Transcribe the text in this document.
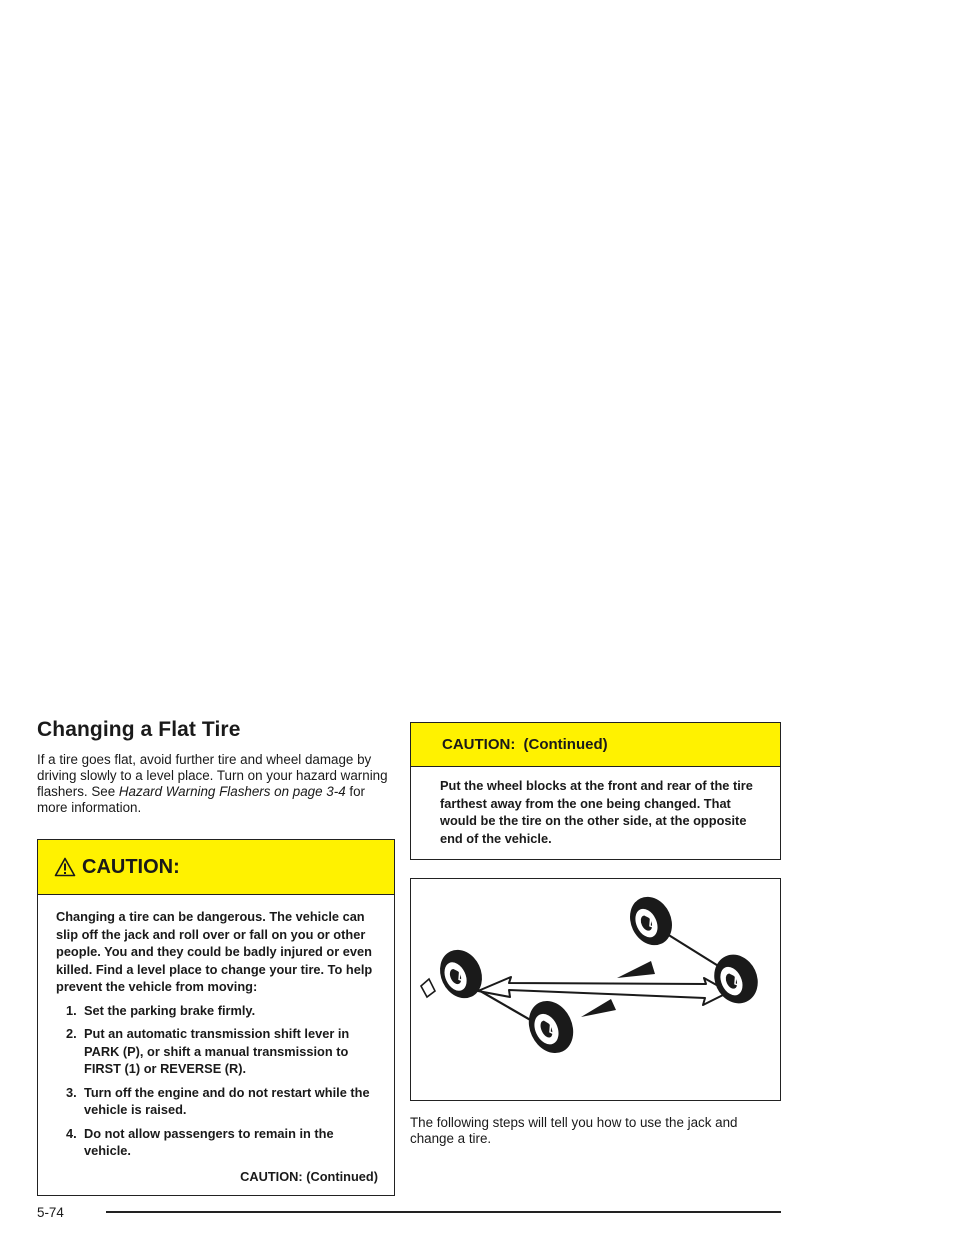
Changing a Flat Tire

If a tire goes flat, avoid further tire and wheel damage by driving slowly to a level place. Turn on your hazard warning flashers. See Hazard Warning Flashers on page 3-4 for more information.

CAUTION:
Changing a tire can be dangerous. The vehicle can slip off the jack and roll over or fall on you or other people. You and they could be badly injured or even killed. Find a level place to change your tire. To help prevent the vehicle from moving:
1. Set the parking brake firmly.
2. Put an automatic transmission shift lever in PARK (P), or shift a manual transmission to FIRST (1) or REVERSE (R).
3. Turn off the engine and do not restart while the vehicle is raised.
4. Do not allow passengers to remain in the vehicle.
CAUTION: (Continued)
CAUTION: (Continued)
Put the wheel blocks at the front and rear of the tire farthest away from the one being changed. That would be the tire on the other side, at the opposite end of the vehicle.

The following steps will tell you how to use the jack and change a tire.

5-74
